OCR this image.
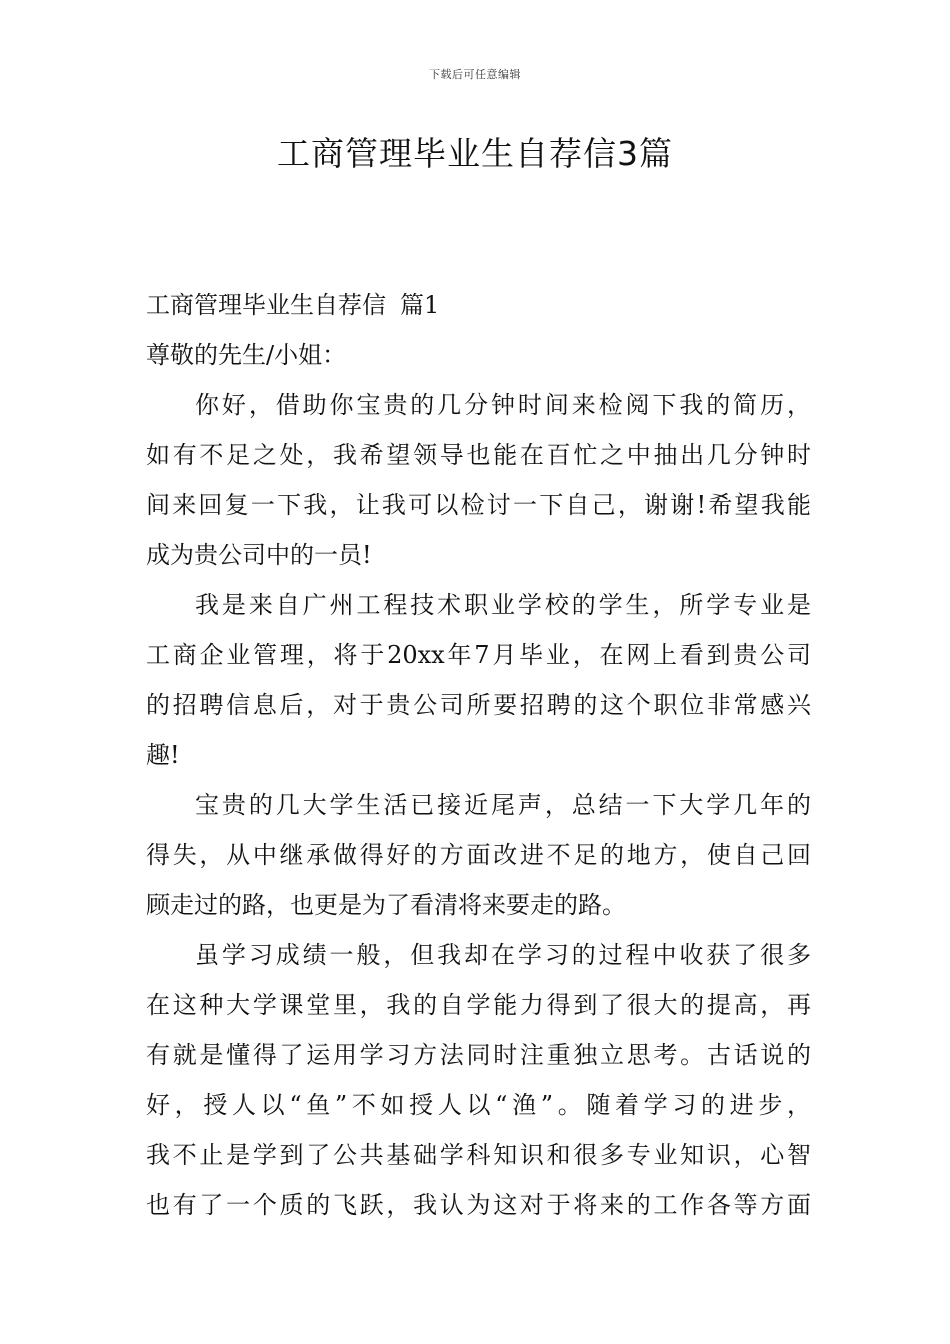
下载后可任意编辑
工商管理毕业生自荐信3篇
工商管理毕业生自荐信 篇1
尊敬的先生/小姐：
你好，借助你宝贵的几分钟时间来检阅下我的简历，
如有不足之处，我希望领导也能在百忙之中抽出几分钟时
间来回复一下我，让我可以检讨一下自己，谢谢!希望我能
成为贵公司中的一员!
我是来自广州工程技术职业学校的学生，所学专业是
工商企业管理，将于20xx年7月毕业，在网上看到贵公司
的招聘信息后，对于贵公司所要招聘的这个职位非常感兴
趣!
宝贵的几大学生活已接近尾声，总结一下大学几年的
得失，从中继承做得好的方面改进不足的地方，使自己回
顾走过的路，也更是为了看清将来要走的路。
虽学习成绩一般，但我却在学习的过程中收获了很多
在这种大学课堂里，我的自学能力得到了很大的提高，再
有就是懂得了运用学习方法同时注重独立思考。古话说的
好，授人以“鱼”不如授人以“渔”。随着学习的进步，
我不止是学到了公共基础学科知识和很多专业知识，心智
也有了一个质的飞跃，我认为这对于将来的工作各等方面
